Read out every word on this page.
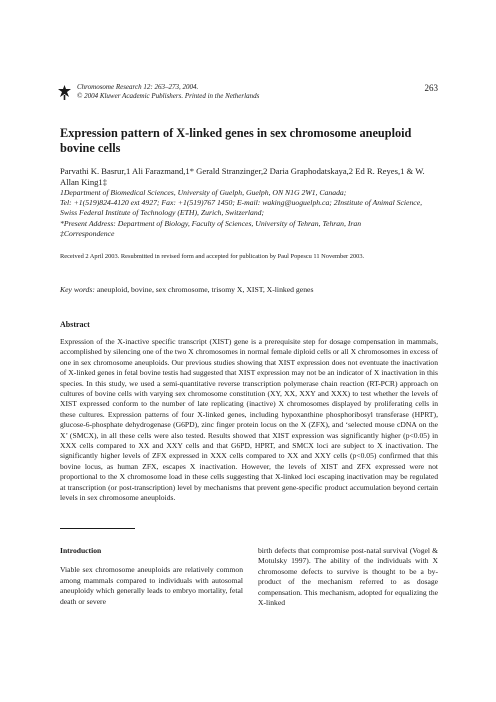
Chromosome Research 12: 263–273, 2004.
© 2004 Kluwer Academic Publishers. Printed in the Netherlands
263
Expression pattern of X-linked genes in sex chromosome aneuploid bovine cells
Parvathi K. Basrur,1 Ali Farazmand,1* Gerald Stranzinger,2 Daria Graphodatskaya,2 Ed R. Reyes,1 & W. Allan King1‡
1Department of Biomedical Sciences, University of Guelph, Guelph, ON N1G 2W1, Canada;
Tel: +1(519)824-4120 ext 4927; Fax: +1(519)767 1450; E-mail: waking@uoguelph.ca; 2Institute of Animal Science, Swiss Federal Institute of Technology (ETH), Zurich, Switzerland;
*Present Address: Department of Biology, Faculty of Sciences, University of Tehran, Tehran, Iran
‡Correspondence
Received 2 April 2003. Resubmitted in revised form and accepted for publication by Paul Popescu 11 November 2003.
Key words: aneuploid, bovine, sex chromosome, trisomy X, XIST, X-linked genes
Abstract
Expression of the X-inactive specific transcript (XIST) gene is a prerequisite step for dosage compensation in mammals, accomplished by silencing one of the two X chromosomes in normal female diploid cells or all X chromosomes in excess of one in sex chromosome aneuploids. Our previous studies showing that XIST expression does not eventuate the inactivation of X-linked genes in fetal bovine testis had suggested that XIST expression may not be an indicator of X inactivation in this species. In this study, we used a semi-quantitative reverse transcription polymerase chain reaction (RT-PCR) approach on cultures of bovine cells with varying sex chromosome constitution (XY, XX, XXY and XXX) to test whether the levels of XIST expressed conform to the number of late replicating (inactive) X chromosomes displayed by proliferating cells in these cultures. Expression patterns of four X-linked genes, including hypoxanthine phosphoribosyl transferase (HPRT), glucose-6-phosphate dehydrogenase (G6PD), zinc finger protein locus on the X (ZFX), and ‘selected mouse cDNA on the X’ (SMCX), in all these cells were also tested. Results showed that XIST expression was significantly higher (p<0.05) in XXX cells compared to XX and XXY cells and that G6PD, HPRT, and SMCX loci are subject to X inactivation. The significantly higher levels of ZFX expressed in XXX cells compared to XX and XXY cells (p<0.05) confirmed that this bovine locus, as human ZFX, escapes X inactivation. However, the levels of XIST and ZFX expressed were not proportional to the X chromosome load in these cells suggesting that X-linked loci escaping inactivation may be regulated at transcription (or post-transcription) level by mechanisms that prevent gene-specific product accumulation beyond certain levels in sex chromosome aneuploids.
Introduction
Viable sex chromosome aneuploids are relatively common among mammals compared to individuals with autosomal aneuploidy which generally leads to embryo mortality, fetal death or severe
birth defects that compromise post-natal survival (Vogel & Motulsky 1997). The ability of the individuals with X chromosome defects to survive is thought to be a by-product of the mechanism referred to as dosage compensation. This mechanism, adopted for equalizing the X-linked
